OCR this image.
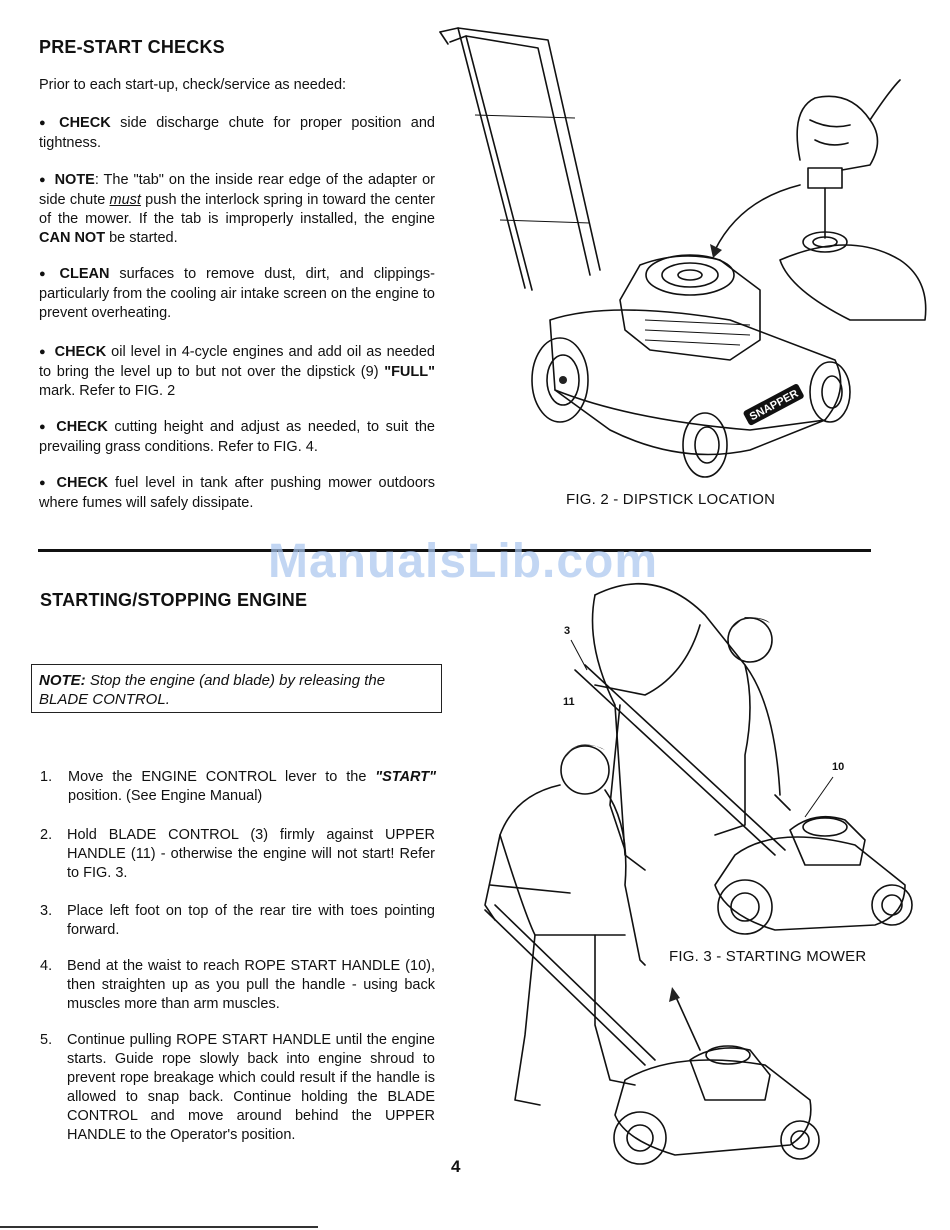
PRE-START CHECKS
Prior to each start-up, check/service as needed:
● CHECK side discharge chute for proper position and tightness.
● NOTE: The "tab" on the inside rear edge of the adapter or side chute must push the interlock spring in toward the center of the mower. If the tab is improperly installed, the engine CAN NOT be started.
● CLEAN surfaces to remove dust, dirt, and clippings-particularly from the cooling air intake screen on the engine to prevent overheating.
● CHECK oil level in 4-cycle engines and add oil as needed to bring the level up to but not over the dipstick (9) "FULL" mark. Refer to FIG. 2
● CHECK cutting height and adjust as needed, to suit the prevailing grass conditions. Refer to FIG. 4.
● CHECK fuel level in tank after pushing mower outdoors where fumes will safely dissipate.
SNAPPER
FIG. 2 - DIPSTICK LOCATION
ManualsLib.com
STARTING/STOPPING ENGINE
NOTE: Stop the engine (and blade) by releasing the BLADE CONTROL.
1. Move the ENGINE CONTROL lever to the "START" position. (See Engine Manual)
2. Hold BLADE CONTROL (3) firmly against UPPER HANDLE (11) - otherwise the engine will not start! Refer to FIG. 3.
3. Place left foot on top of the rear tire with toes pointing forward.
4. Bend at the waist to reach ROPE START HANDLE (10), then straighten up as you pull the handle - using back muscles more than arm muscles.
5. Continue pulling ROPE START HANDLE until the engine starts. Guide rope slowly back into engine shroud to prevent rope breakage which could result if the handle is allowed to snap back. Continue holding the BLADE CONTROL and move around behind the UPPER HANDLE to the Operator's position.
3
11
10
FIG. 3 - STARTING MOWER
4
